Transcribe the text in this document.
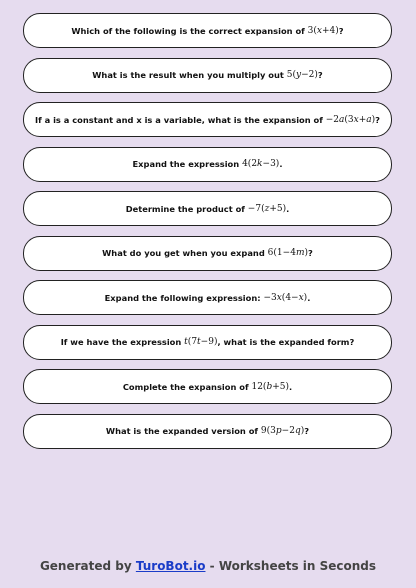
Which of the following is the correct expansion of
3(x+4) ?
What is the result when you multiply out
5(y−2) ?
If a is a constant and x is a variable, what is the expansion of
−2a(3x+a) ?
Expand the expression
4(2k−3) .
Determine the product of
−7(z+5) .
What do you get when you expand
6(1−4m) ?
Expand the following expression:
−3x(4−x) .
If we have the expression
t(7t−9) , what is the expanded form?
Complete the expansion of
12(b+5) .
What is the expanded version of
9(3p−2q) ?
Generated by TuroBot.io - Worksheets in Seconds
